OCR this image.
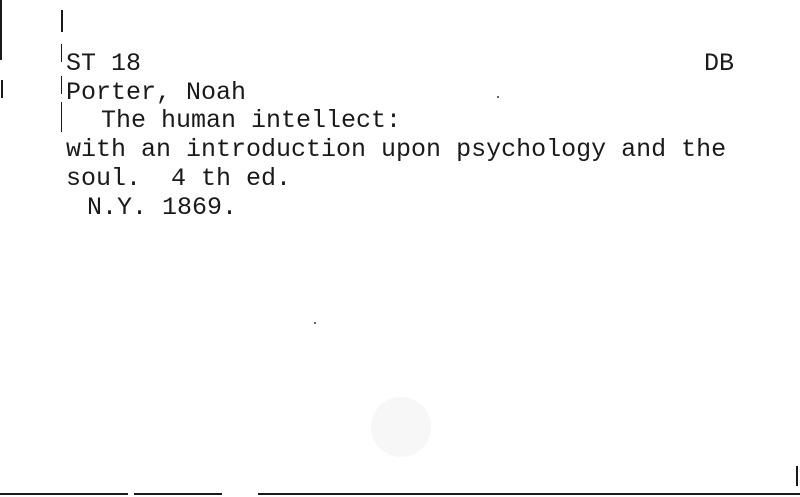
ST 18	DB
Porter, Noah
The human intellect:
with an introduction upon psychology and the
soul.  4 th ed.
N.Y. 1869.
